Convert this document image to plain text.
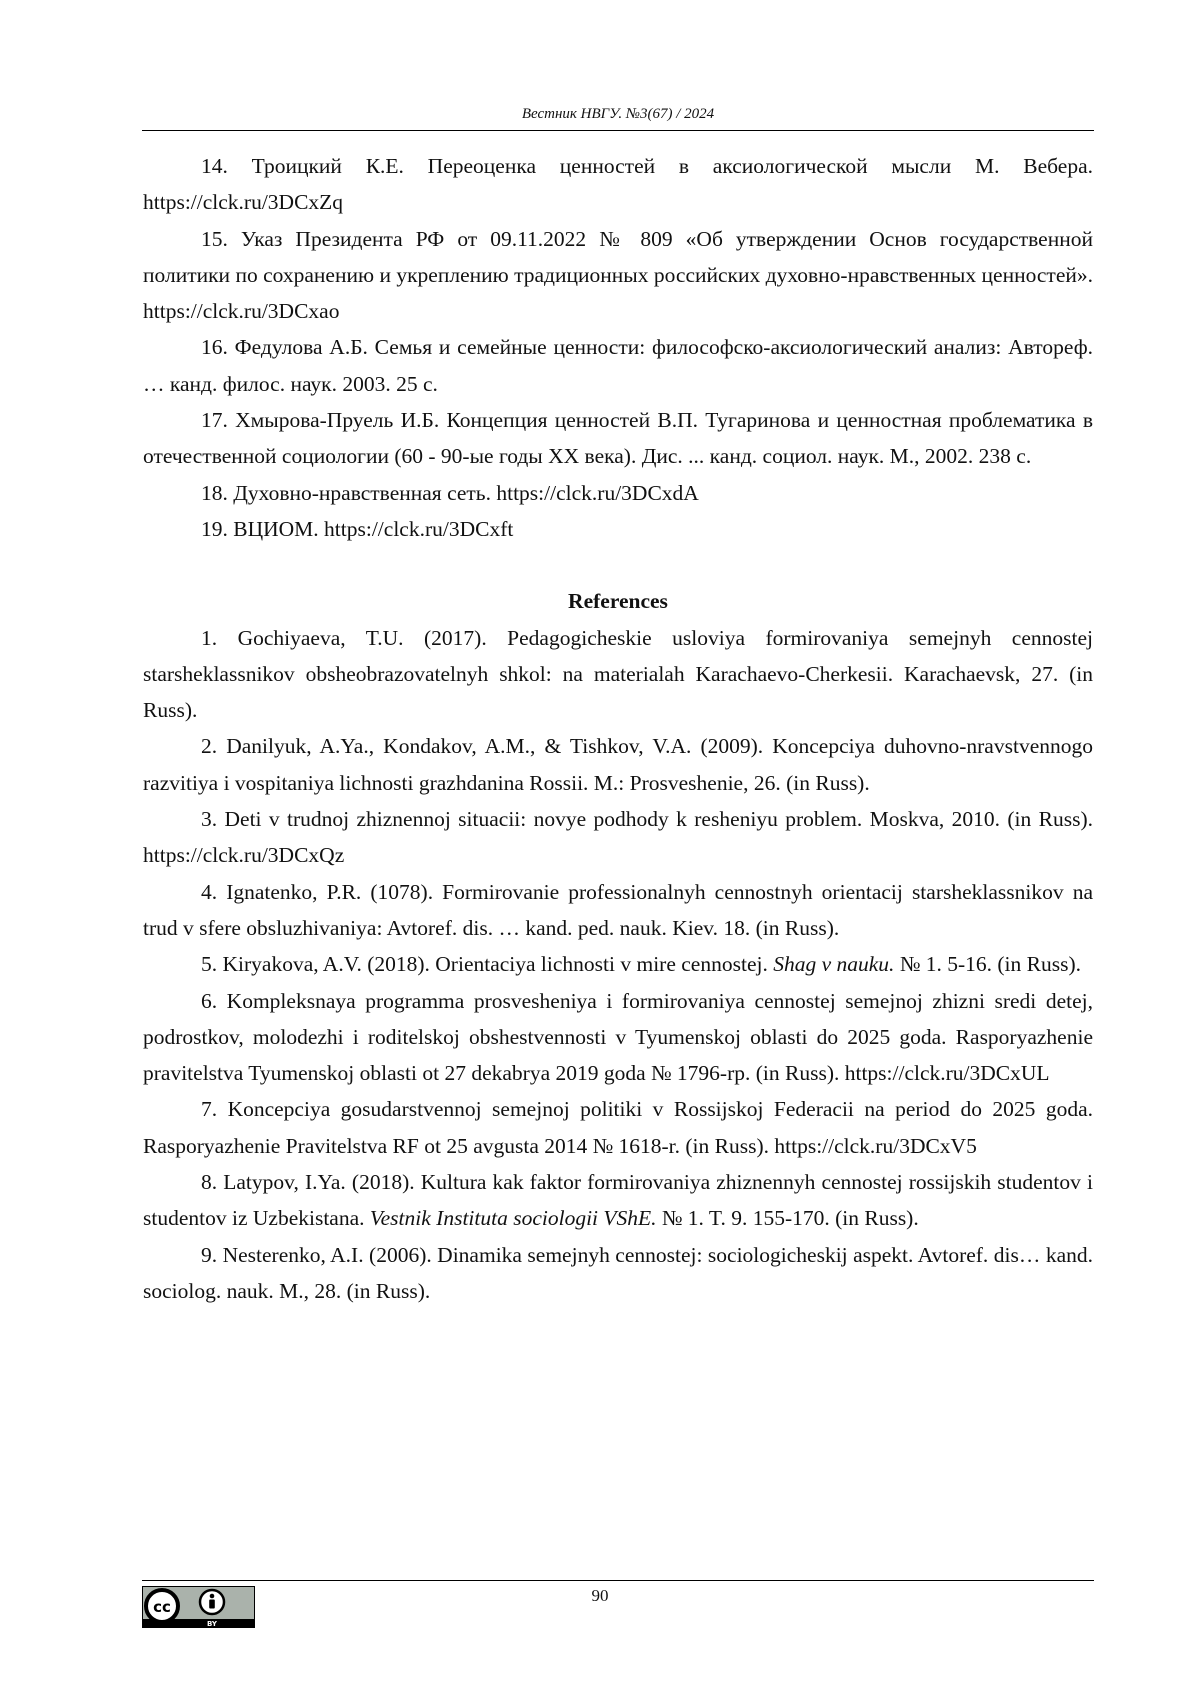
Вестник НВГУ. №3(67) / 2024

14. Троицкий К.Е. Переоценка ценностей в аксиологической мысли М. Вебера. https://clck.ru/3DCxZq

15. Указ Президента РФ от 09.11.2022 № 809 «Об утверждении Основ государственной политики по сохранению и укреплению традиционных российских духовно-нравственных ценностей». https://clck.ru/3DCxao

16. Федулова А.Б. Семья и семейные ценности: философско-аксиологический анализ: Автореф. … канд. филос. наук. 2003. 25 с.

17. Хмырова-Пруель И.Б. Концепция ценностей В.П. Тугаринова и ценностная проблематика в отечественной социологии (60 - 90-ые годы XX века). Дис. ... канд. социол. наук. М., 2002. 238 с.

18. Духовно-нравственная сеть. https://clck.ru/3DCxdA

19. ВЦИОМ. https://clck.ru/3DCxft

References

1. Gochiyaeva, T.U. (2017). Pedagogicheskie usloviya formirovaniya semejnyh cennostej starsheklassnikov obsheobrazovatelnyh shkol: na materialah Karachaevo-Cherkesii. Karachaevsk, 27. (in Russ).

2. Danilyuk, A.Ya., Kondakov, A.M., & Tishkov, V.A. (2009). Koncepciya duhovno-nravstvennogo razvitiya i vospitaniya lichnosti grazhdanina Rossii. M.: Prosveshenie, 26. (in Russ).

3. Deti v trudnoj zhiznennoj situacii: novye podhody k resheniyu problem. Moskva, 2010. (in Russ). https://clck.ru/3DCxQz

4. Ignatenko, P.R. (1078). Formirovanie professionalnyh cennostnyh orientacij starsheklassnikov na trud v sfere obsluzhivaniya: Avtoref. dis. … kand. ped. nauk. Kiev. 18. (in Russ).

5. Kiryakova, A.V. (2018). Orientaciya lichnosti v mire cennostej. Shag v nauku. № 1. 5-16. (in Russ).

6. Kompleksnaya programma prosvesheniya i formirovaniya cennostej semejnoj zhizni sredi detej, podrostkov, molodezhi i roditelskoj obshestvennosti v Tyumenskoj oblasti do 2025 goda. Rasporyazhenie pravitelstva Tyumenskoj oblasti ot 27 dekabrya 2019 goda № 1796-rp. (in Russ). https://clck.ru/3DCxUL

7. Koncepciya gosudarstvennoj semejnoj politiki v Rossijskoj Federacii na period do 2025 goda. Rasporyazhenie Pravitelstva RF ot 25 avgusta 2014 № 1618-r. (in Russ). https://clck.ru/3DCxV5

8. Latypov, I.Ya. (2018). Kultura kak faktor formirovaniya zhiznennyh cennostej rossijskih studentov i studentov iz Uzbekistana. Vestnik Instituta sociologii VShE. № 1. T. 9. 155-170. (in Russ).

9. Nesterenko, A.I. (2006). Dinamika semejnyh cennostej: sociologicheskij aspekt. Avtoref. dis… kand. sociolog. nauk. M., 28. (in Russ).

cc
BY
90
